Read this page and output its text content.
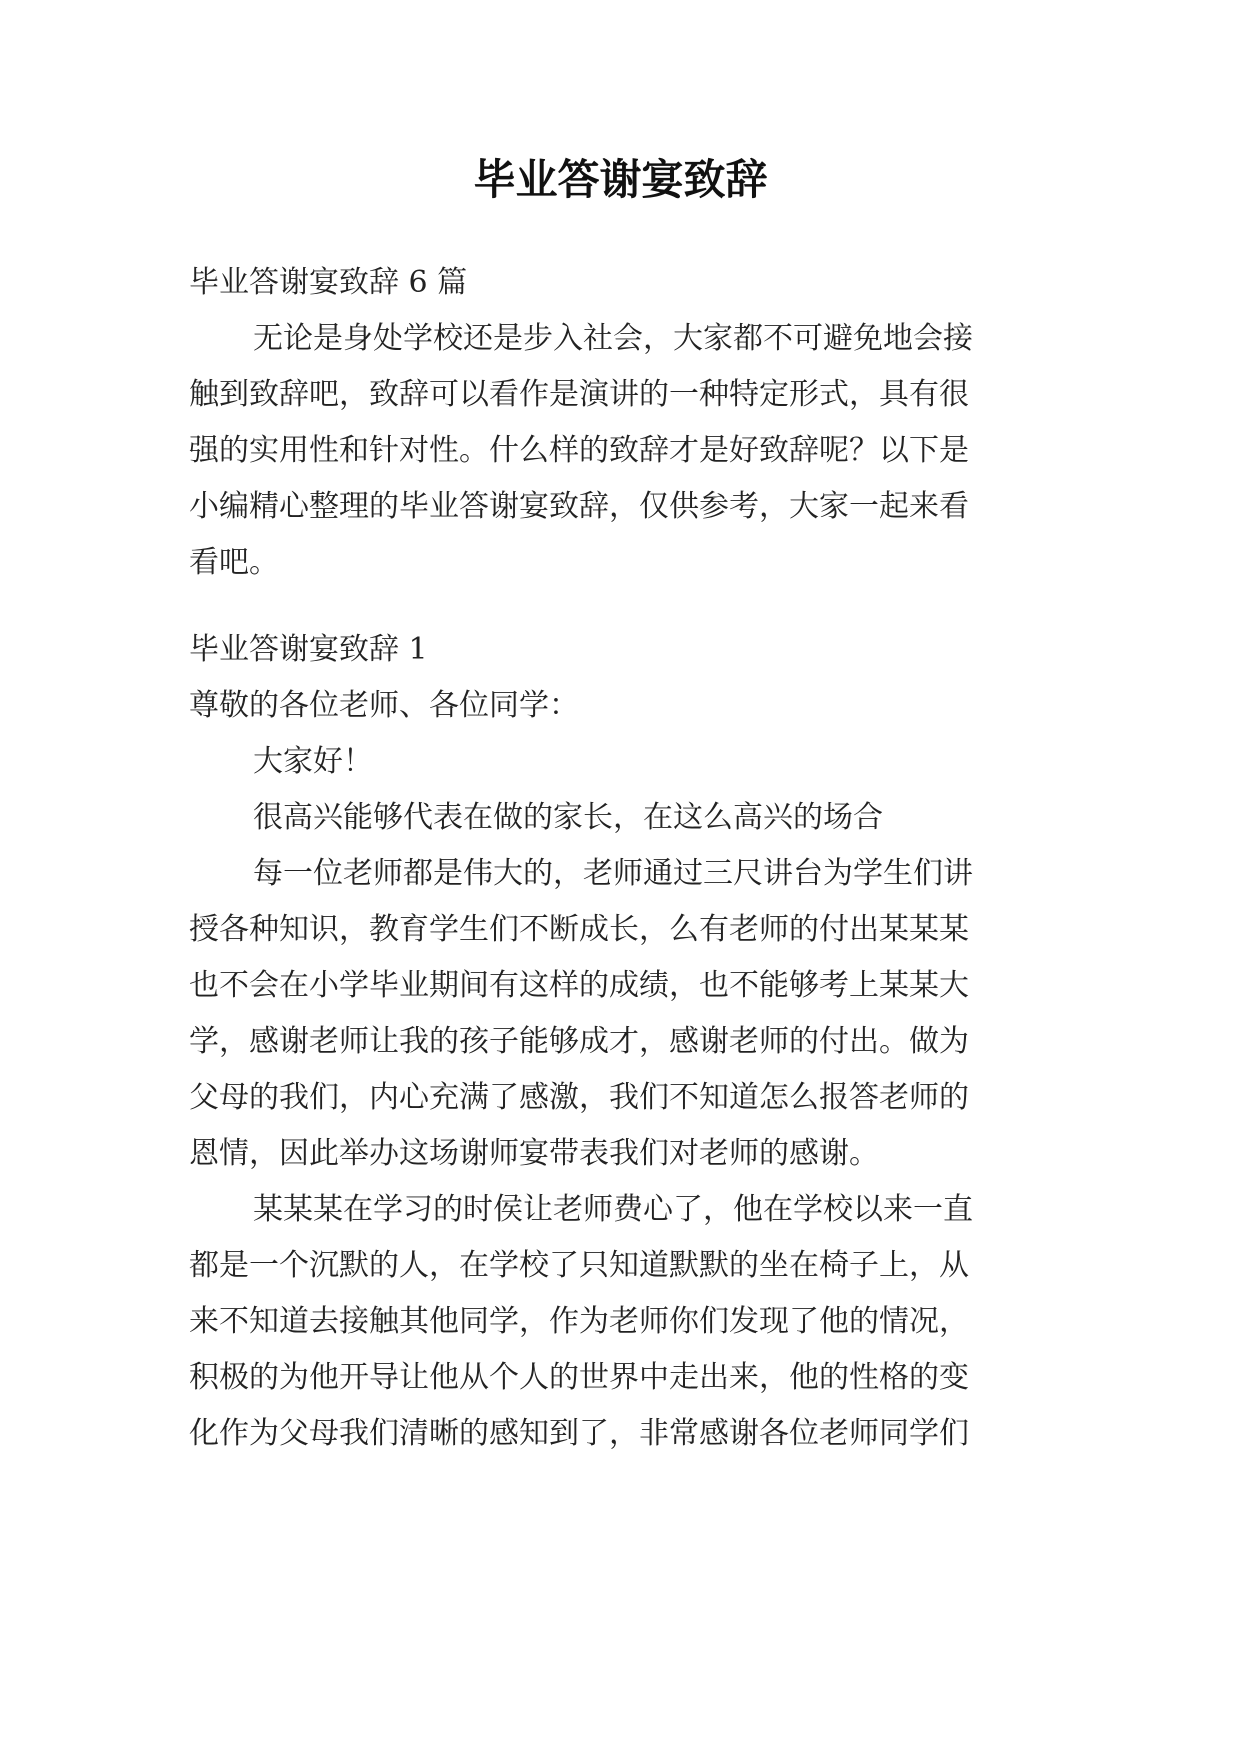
毕业答谢宴致辞
毕业答谢宴致辞 6 篇
无论是身处学校还是步入社会，大家都不可避免地会接
触到致辞吧，致辞可以看作是演讲的一种特定形式，具有很
强的实用性和针对性。什么样的致辞才是好致辞呢？以下是
小编精心整理的毕业答谢宴致辞，仅供参考，大家一起来看
看吧。
毕业答谢宴致辞 1
尊敬的各位老师、各位同学：
大家好！
很高兴能够代表在做的家长，在这么高兴的场合
每一位老师都是伟大的，老师通过三尺讲台为学生们讲
授各种知识，教育学生们不断成长，么有老师的付出某某某
也不会在小学毕业期间有这样的成绩，也不能够考上某某大
学，感谢老师让我的孩子能够成才，感谢老师的付出。做为
父母的我们，内心充满了感激，我们不知道怎么报答老师的
恩情，因此举办这场谢师宴带表我们对老师的感谢。
某某某在学习的时侯让老师费心了，他在学校以来一直
都是一个沉默的人，在学校了只知道默默的坐在椅子上，从
来不知道去接触其他同学，作为老师你们发现了他的情况，
积极的为他开导让他从个人的世界中走出来，他的性格的变
化作为父母我们清晰的感知到了，非常感谢各位老师同学们
